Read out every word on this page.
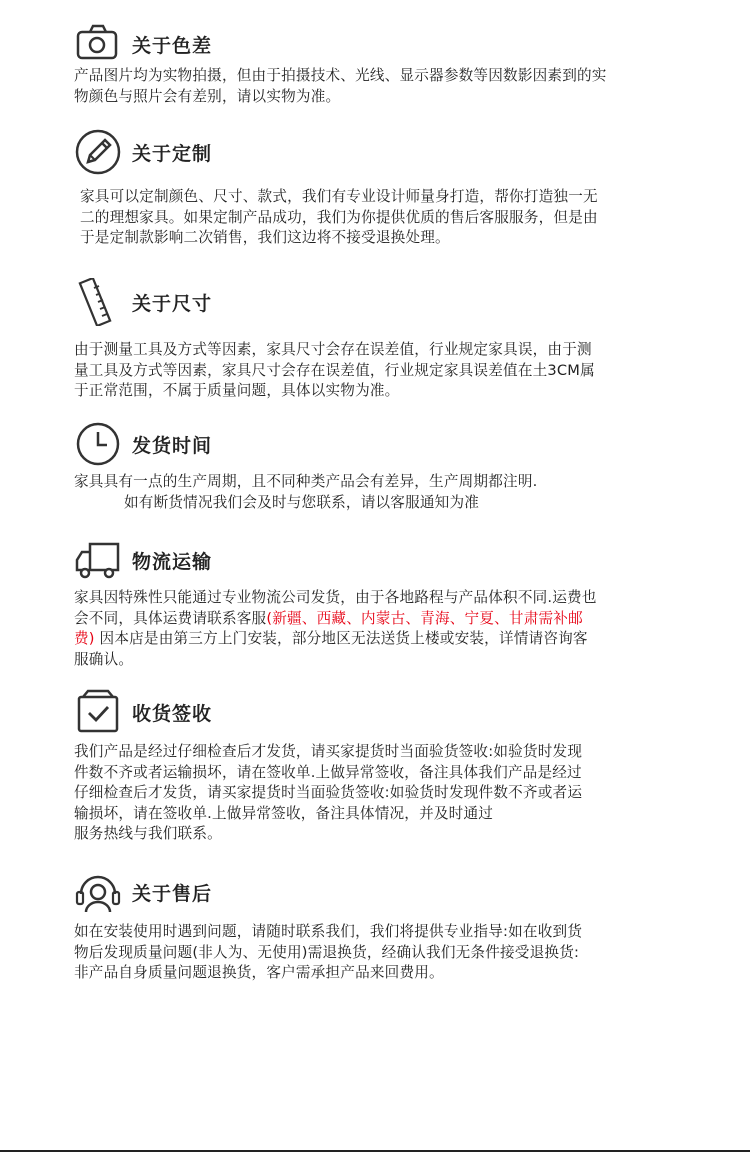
关于色差

产品图片均为实物拍摄，但由于拍摄技术、光线、显示器参数等因数影因素到的实

物颜色与照片会有差别，请以实物为准。

关于定制

家具可以定制颜色、尺寸、款式，我们有专业设计师量身打造，帮你打造独一无

二的理想家具。如果定制产品成功，我们为你提供优质的售后客服服务，但是由

于是定制款影响二次销售，我们这边将不接受退换处理。

关于尺寸

由于测量工具及方式等因素，家具尺寸会存在误差值，行业规定家具误，由于测

量工具及方式等因素，家具尺寸会存在误差值，行业规定家具误差值在土3CM属

于正常范围，不属于质量问题，具体以实物为准。

发货时间

家具具有一点的生产周期，且不同种类产品会有差异，生产周期都注明.

如有断货情况我们会及时与您联系，请以客服通知为准

物流运输

家具因特殊性只能通过专业物流公司发货，由于各地路程与产品体积不同.运费也

会不同，具体运费请联系客服(新疆、西藏、内蒙古、青海、宁夏、甘肃需补邮

费) 因本店是由第三方上门安装，部分地区无法送货上楼或安装，详情请咨询客

服确认。

收货签收

我们产品是经过仔细检查后才发货，请买家提货时当面验货签收:如验货时发现

件数不齐或者运输损坏，请在签收单.上做异常签收，备注具体我们产品是经过

仔细检查后才发货，请买家提货时当面验货签收:如验货时发现件数不齐或者运

输损坏，请在签收单.上做异常签收，备注具体情况，并及时通过

服务热线与我们联系。

关于售后

如在安装使用时遇到问题，请随时联系我们，我们将提供专业指导:如在收到货

物后发现质量问题(非人为、无使用)需退换货，经确认我们无条件接受退换货:

非产品自身质量问题退换货，客户需承担产品来回费用。
